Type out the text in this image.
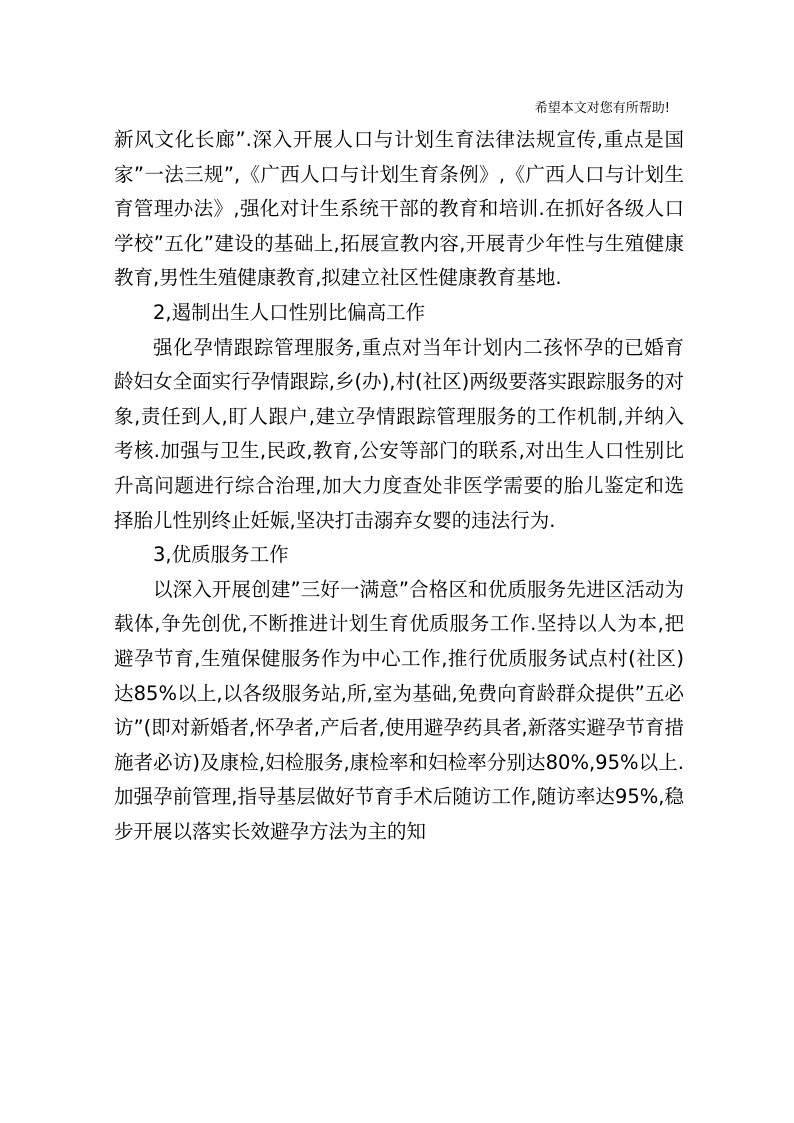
希望本文对您有所帮助!

新风文化长廊”.深入开展人口与计划生育法律法规宣传,重点是国家”一法三规”,《广西人口与计划生育条例》,《广西人口与计划生育管理办法》,强化对计生系统干部的教育和培训.在抓好各级人口学校”五化”建设的基础上,拓展宣教内容,开展青少年性与生殖健康教育,男性生殖健康教育,拟建立社区性健康教育基地.

2,遏制出生人口性别比偏高工作

强化孕情跟踪管理服务,重点对当年计划内二孩怀孕的已婚育龄妇女全面实行孕情跟踪,乡(办),村(社区)两级要落实跟踪服务的对象,责任到人,盯人跟户,建立孕情跟踪管理服务的工作机制,并纳入考核.加强与卫生,民政,教育,公安等部门的联系,对出生人口性别比升高问题进行综合治理,加大力度查处非医学需要的胎儿鉴定和选择胎儿性别终止妊娠,坚决打击溺弃女婴的违法行为.

3,优质服务工作

以深入开展创建”三好一满意”合格区和优质服务先进区活动为载体,争先创优,不断推进计划生育优质服务工作.坚持以人为本,把避孕节育,生殖保健服务作为中心工作,推行优质服务试点村(社区)达85%以上,以各级服务站,所,室为基础,免费向育龄群众提供”五必访”(即对新婚者,怀孕者,产后者,使用避孕药具者,新落实避孕节育措施者必访)及康检,妇检服务,康检率和妇检率分别达80%,95%以上.加强孕前管理,指导基层做好节育手术后随访工作,随访率达95%,稳步开展以落实长效避孕方法为主的知
